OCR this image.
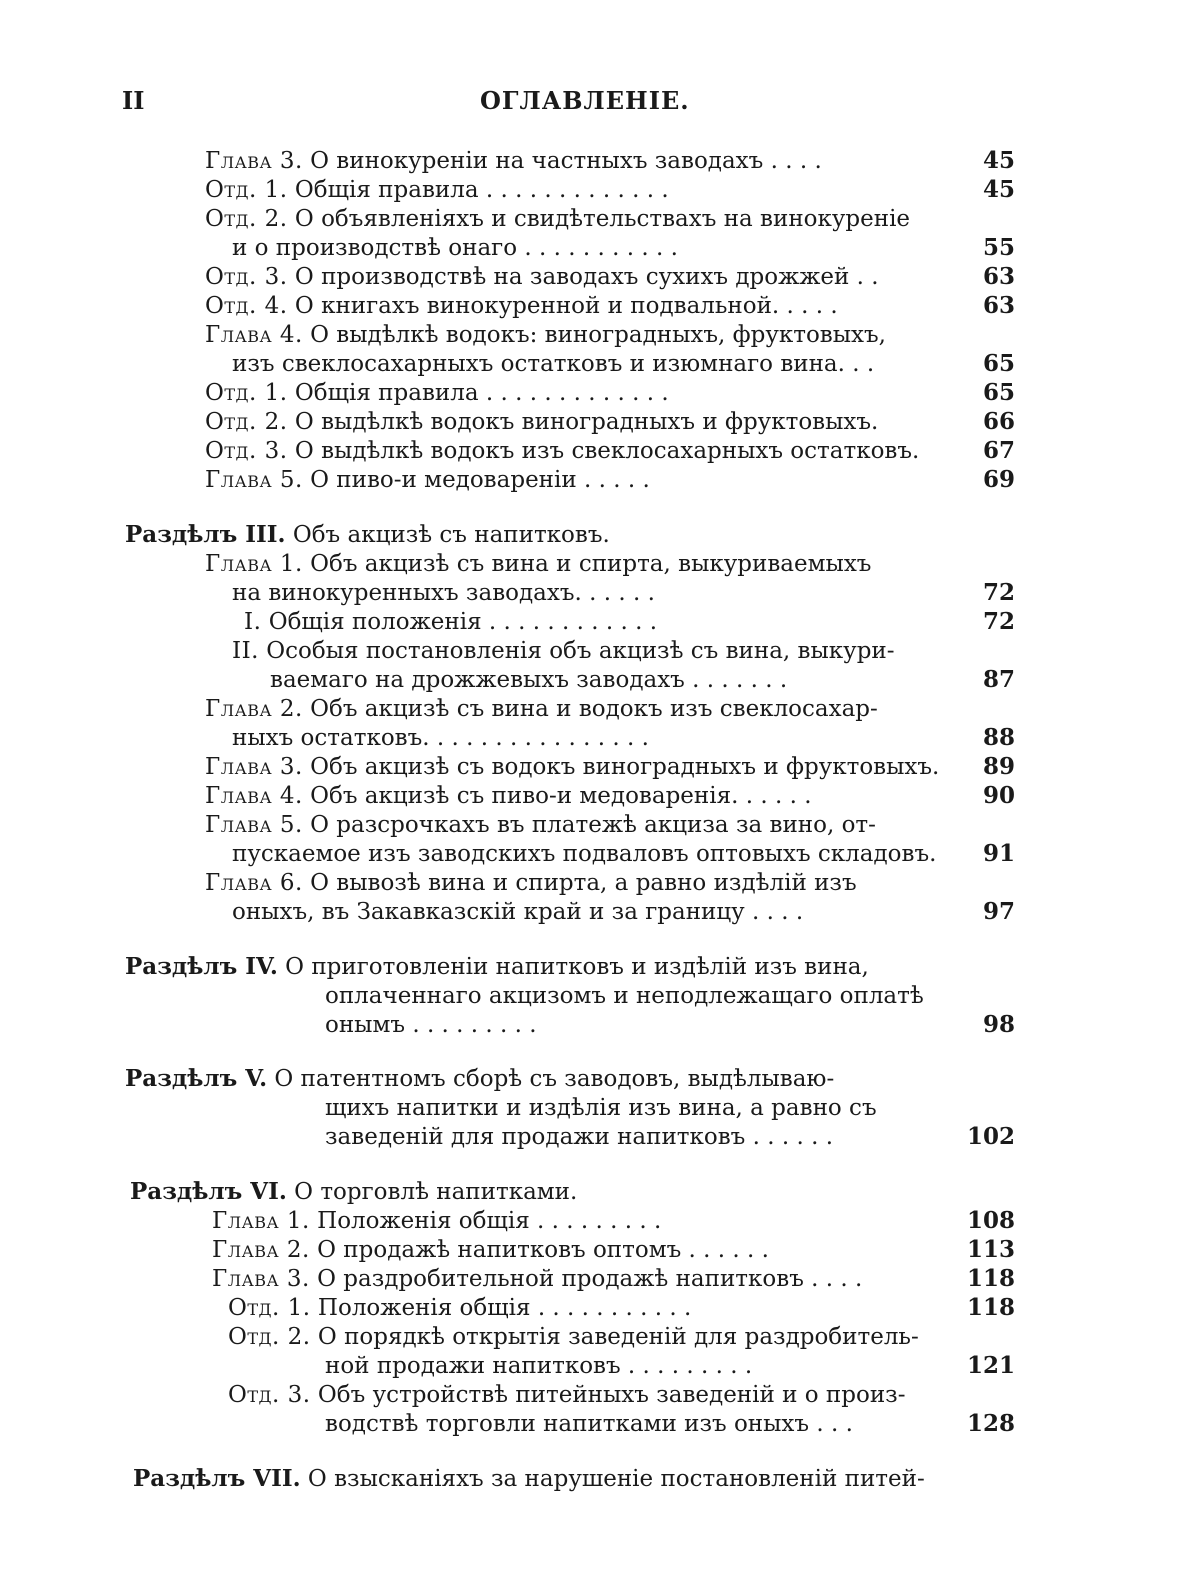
II	ОГЛАВЛЕНІЕ.
Глава 3. О винокуреніи на частныхъ заводахъ . . . .	45
Отд. 1. Общія правила . . . . . . . . . . . . .	45
Отд. 2. О объявленіяхъ и свидѣтельствахъ на винокуреніе
и о производствѣ онаго . . . . . . . . . . .	55
Отд. 3. О производствѣ на заводахъ сухихъ дрожжей . .	63
Отд. 4. О книгахъ винокуренной и подвальной. . . . .	63
Глава 4. О выдѣлкѣ водокъ: виноградныхъ, фруктовыхъ,
изъ свеклосахарныхъ остатковъ и изюмнаго вина. . .	65
Отд. 1. Общія правила . . . . . . . . . . . . .	65
Отд. 2. О выдѣлкѣ водокъ виноградныхъ и фруктовыхъ.	66
Отд. 3. О выдѣлкѣ водокъ изъ свеклосахарныхъ остатковъ.	67
Глава 5. О пиво-и медовареніи . . . . .	69
Раздѣлъ III. Объ акцизѣ съ напитковъ.
Глава 1. Объ акцизѣ съ вина и спирта, выкуриваемыхъ
на винокуренныхъ заводахъ. . . . . .	72
I. Общія положенія . . . . . . . . . . . .	72
II. Особыя постановленія объ акцизѣ съ вина, выкури-
ваемаго на дрожжевыхъ заводахъ . . . . . . .	87
Глава 2. Объ акцизѣ съ вина и водокъ изъ свеклосахар-
ныхъ остатковъ. . . . . . . . . . . . . . . .	88
Глава 3. Объ акцизѣ съ водокъ виноградныхъ и фруктовыхъ.	89
Глава 4. Объ акцизѣ съ пиво-и медоваренія. . . . . .	90
Глава 5. О разсрочкахъ въ платежѣ акциза за вино, от-
пускаемое изъ заводскихъ подваловъ оптовыхъ складовъ.	91
Глава 6. О вывозѣ вина и спирта, а равно издѣлій изъ
оныхъ, въ Закавказскій край и за границу . . . .	97
Раздѣлъ IV. О приготовленіи напитковъ и издѣлій изъ вина,
оплаченнаго акцизомъ и неподлежащаго оплатѣ
онымъ . . . . . . . . .	98
Раздѣлъ V. О патентномъ сборѣ съ заводовъ, выдѣлываю-
щихъ напитки и издѣлія изъ вина, а равно съ
заведеній для продажи напитковъ . . . . . .	102
Раздѣлъ VI. О торговлѣ напитками.
Глава 1. Положенія общія . . . . . . . . .	108
Глава 2. О продажѣ напитковъ оптомъ . . . . . .	113
Глава 3. О раздробительной продажѣ напитковъ . . . .	118
Отд. 1. Положенія общія . . . . . . . . . . .	118
Отд. 2. О порядкѣ открытія заведеній для раздробитель-
ной продажи напитковъ . . . . . . . . .	121
Отд. 3. Объ устройствѣ питейныхъ заведеній и о произ-
водствѣ торговли напитками изъ оныхъ . . .	128
Раздѣлъ VII. О взысканіяхъ за нарушеніе постановленій питей-
